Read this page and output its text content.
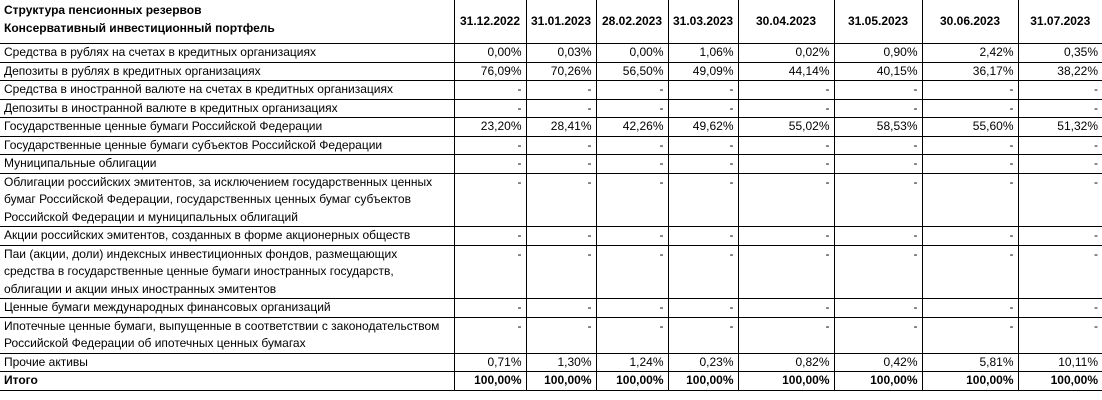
Структура пенсионных резервов
Консервативный инвестиционный портфель	31.12.2022	31.01.2023	28.02.2023	31.03.2023	30.04.2023	31.05.2023	30.06.2023	31.07.2023
Средства в рублях на счетах в кредитных организациях	0,00%	0,03%	0,00%	1,06%	0,02%	0,90%	2,42%	0,35%
Депозиты в рублях в кредитных организациях	76,09%	70,26%	56,50%	49,09%	44,14%	40,15%	36,17%	38,22%
Средства в иностранной валюте на счетах в кредитных организациях	-	-	-	-	-	-	-	-
Депозиты в иностранной валюте в кредитных организациях	-	-	-	-	-	-	-	-
Государственные ценные бумаги Российской Федерации	23,20%	28,41%	42,26%	49,62%	55,02%	58,53%	55,60%	51,32%
Государственные ценные бумаги субъектов Российской Федерации	-	-	-	-	-	-	-	-
Муниципальные облигации	-	-	-	-	-	-	-	-
Облигации российских эмитентов, за исключением государственных ценных бумаг Российской Федерации, государственных ценных бумаг субъектов Российской Федерации и муниципальных облигаций	-	-	-	-	-	-	-	-
Акции российских эмитентов, созданных в форме акционерных обществ	-	-	-	-	-	-	-	-
Паи (акции, доли) индексных инвестиционных фондов, размещающих средства в государственные ценные бумаги иностранных государств, облигации и акции иных иностранных эмитентов	-	-	-	-	-	-	-	-
Ценные бумаги международных финансовых организаций	-	-	-	-	-	-	-	-
Ипотечные ценные бумаги, выпущенные в соответствии с законодательством Российской Федерации об ипотечных ценных бумагах	-	-	-	-	-	-	-	-
Прочие активы	0,71%	1,30%	1,24%	0,23%	0,82%	0,42%	5,81%	10,11%
Итого	100,00%	100,00%	100,00%	100,00%	100,00%	100,00%	100,00%	100,00%
